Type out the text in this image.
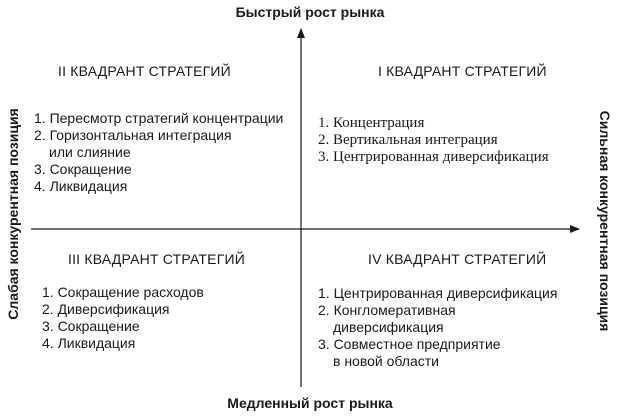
Быстрый рост рынка
Медленный рост рынка
Слабая конкурентная позиция	Сильная конкурентная позиция
II КВАДРАНТ СТРАТЕГИЙ
1. Пересмотр стратегий концентрации
2. Горизонтальная интеграция
или слияние
3. Сокращение
4. Ликвидация
I КВАДРАНТ СТРАТЕГИЙ
1. Концентрация
2. Вертикальная интеграция
3. Центрированная диверсификация
III КВАДРАНТ СТРАТЕГИЙ
1. Сокращение расходов
2. Диверсификация
3. Сокращение
4. Ликвидация
IV КВАДРАНТ СТРАТЕГИЙ
1. Центрированная диверсификация
2. Конгломеративная
диверсификация
3. Совместное предприятие
в новой области
